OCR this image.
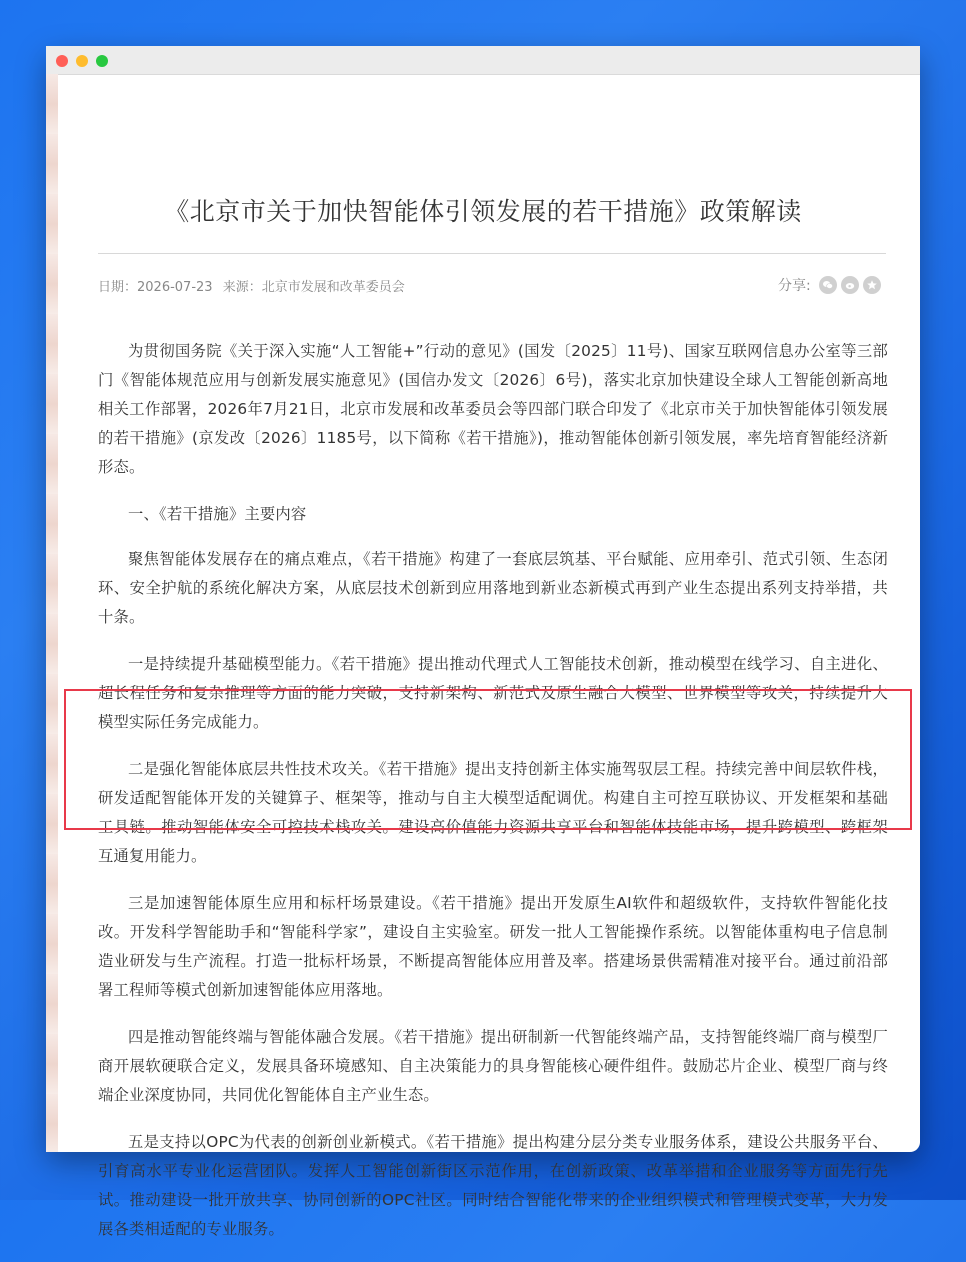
《北京市关于加快智能体引领发展的若干措施》政策解读
日期：2026-07-23 来源：北京市发展和改革委员会	分享:

为贯彻国务院《关于深入实施“人工智能+”行动的意见》(国发〔2025〕11号)、国家互联网信息办公室等三部门《智能体规范应用与创新发展实施意见》(国信办发文〔2026〕6号)，落实北京加快建设全球人工智能创新高地相关工作部署，2026年7月21日，北京市发展和改革委员会等四部门联合印发了《北京市关于加快智能体引领发展的若干措施》(京发改〔2026〕1185号，以下简称《若干措施》)，推动智能体创新引领发展，率先培育智能经济新形态。

一、《若干措施》主要内容

聚焦智能体发展存在的痛点难点，《若干措施》构建了一套底层筑基、平台赋能、应用牵引、范式引领、生态闭环、安全护航的系统化解决方案，从底层技术创新到应用落地到新业态新模式再到产业生态提出系列支持举措，共十条。

一是持续提升基础模型能力。《若干措施》提出推动代理式人工智能技术创新，推动模型在线学习、自主进化、超长程任务和复杂推理等方面的能力突破，支持新架构、新范式及原生融合大模型、世界模型等攻关，持续提升大模型实际任务完成能力。

二是强化智能体底层共性技术攻关。《若干措施》提出支持创新主体实施驾驭层工程。持续完善中间层软件栈，研发适配智能体开发的关键算子、框架等，推动与自主大模型适配调优。构建自主可控互联协议、开发框架和基础工具链。推动智能体安全可控技术栈攻关。建设高价值能力资源共享平台和智能体技能市场，提升跨模型、跨框架互通复用能力。

三是加速智能体原生应用和标杆场景建设。《若干措施》提出开发原生AI软件和超级软件，支持软件智能化技改。开发科学智能助手和“智能科学家”，建设自主实验室。研发一批人工智能操作系统。以智能体重构电子信息制造业研发与生产流程。打造一批标杆场景，不断提高智能体应用普及率。搭建场景供需精准对接平台。通过前沿部署工程师等模式创新加速智能体应用落地。

四是推动智能终端与智能体融合发展。《若干措施》提出研制新一代智能终端产品，支持智能终端厂商与模型厂商开展软硬联合定义，发展具备环境感知、自主决策能力的具身智能核心硬件组件。鼓励芯片企业、模型厂商与终端企业深度协同，共同优化智能体自主产业生态。

五是支持以OPC为代表的创新创业新模式。《若干措施》提出构建分层分类专业服务体系，建设公共服务平台、引育高水平专业化运营团队。发挥人工智能创新街区示范作用，在创新政策、改革举措和企业服务等方面先行先试。推动建设一批开放共享、协同创新的OPC社区。同时结合智能化带来的企业组织模式和管理模式变革，大力发展各类相适配的专业服务。
